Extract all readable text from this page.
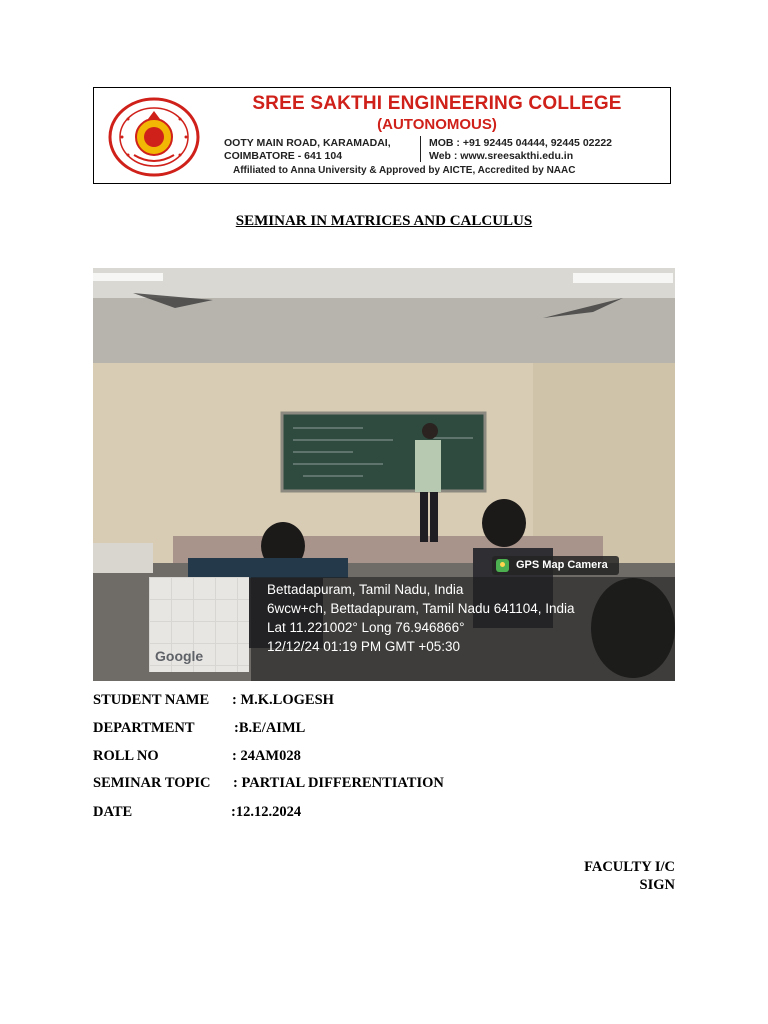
SREE SAKTHI ENGINEERING COLLEGE
(AUTONOMOUS)
OOTY MAIN ROAD, KARAMADAI,
COIMBATORE - 641 104
MOB : +91 92445 04444, 92445 02222
Web : www.sreesakthi.edu.in
Affiliated to Anna University & Approved by AICTE, Accredited by NAAC
SEMINAR IN MATRICES AND CALCULUS
GPS Map Camera
Google
Bettadapuram, Tamil Nadu, India
6wcw+ch, Bettadapuram, Tamil Nadu 641104, India
Lat 11.221002° Long 76.946866°
12/12/24 01:19 PM GMT +05:30
STUDENT NAME : M.K.LOGESH
DEPARTMENT	:B.E/AIML
ROLL NO	: 24AM028
SEMINAR TOPIC : PARTIAL DIFFERENTIATION
DATE	:12.12.2024
FACULTY I/C
SIGN
